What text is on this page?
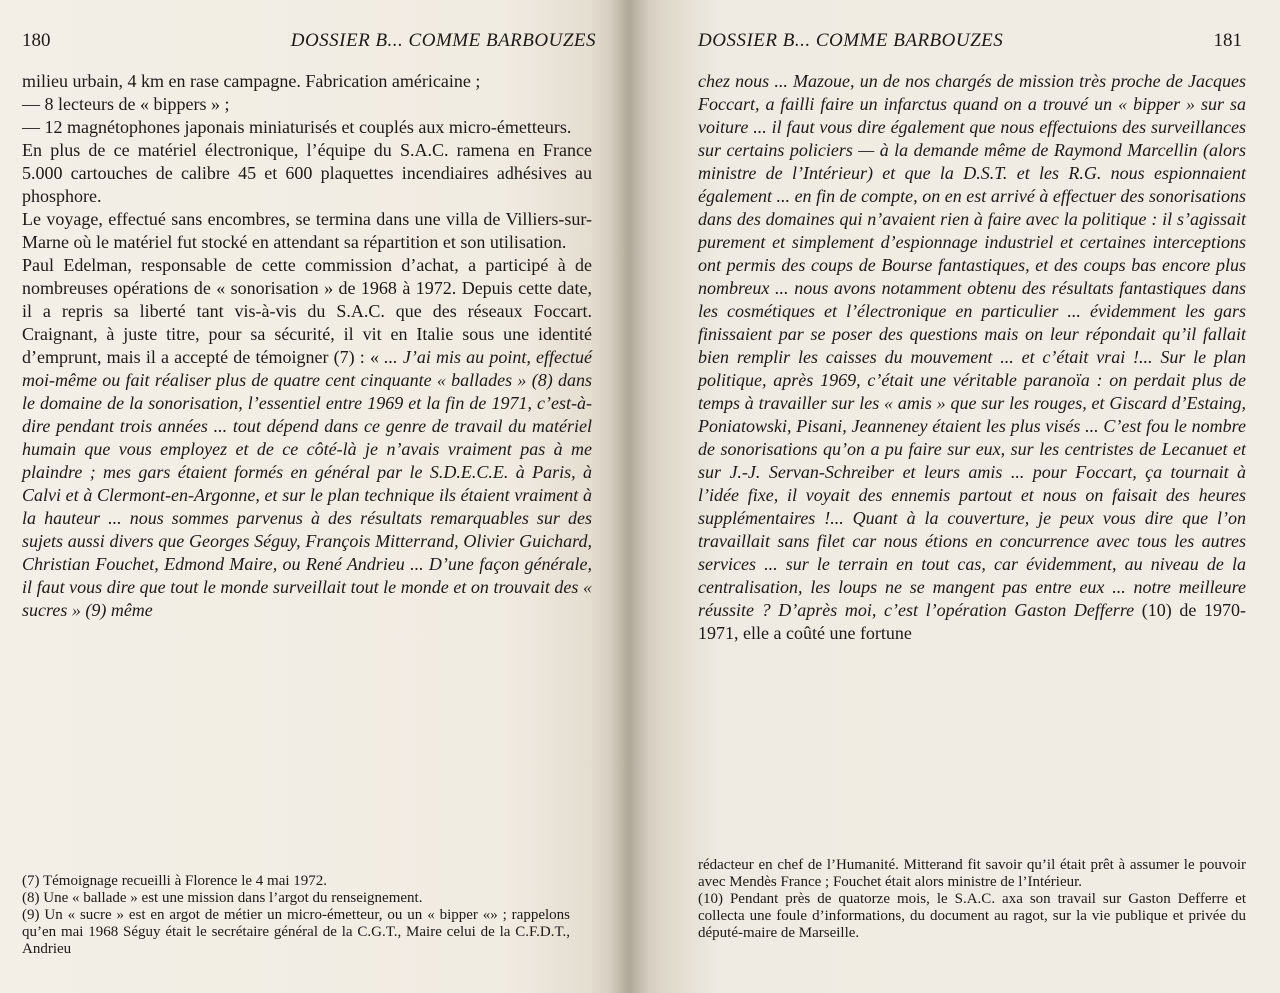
180	DOSSIER B... COMME BARBOUZES

milieu urbain, 4 km en rase campagne. Fabrication américaine ;

— 8 lecteurs de « bippers » ;

— 12 magnétophones japonais miniaturisés et couplés aux micro-émetteurs.

En plus de ce matériel électronique, l’équipe du S.A.C. ramena en France 5.000 cartouches de calibre 45 et 600 plaquettes incendiaires adhésives au phosphore.

Le voyage, effectué sans encombres, se termina dans une villa de Villiers-sur-Marne où le matériel fut stocké en attendant sa répartition et son utilisation.

Paul Edelman, responsable de cette commission d’achat, a participé à de nombreuses opérations de « sonorisation » de 1968 à 1972. Depuis cette date, il a repris sa liberté tant vis-à-vis du S.A.C. que des réseaux Foccart. Craignant, à juste titre, pour sa sécurité, il vit en Italie sous une identité d’emprunt, mais il a accepté de témoigner (7) : « ... J’ai mis au point, effectué moi-même ou fait réaliser plus de quatre cent cinquante « ballades » (8) dans le domaine de la sonorisation, l’essentiel entre 1969 et la fin de 1971, c’est-à-dire pendant trois années ... tout dépend dans ce genre de travail du matériel humain que vous employez et de ce côté-là je n’avais vraiment pas à me plaindre ; mes gars étaient formés en général par le S.D.E.C.E. à Paris, à Calvi et à Clermont-en-Argonne, et sur le plan technique ils étaient vraiment à la hauteur ... nous sommes parvenus à des résultats remarquables sur des sujets aussi divers que Georges Séguy, François Mitterrand, Olivier Guichard, Christian Fouchet, Edmond Maire, ou René Andrieu ... D’une façon générale, il faut vous dire que tout le monde surveillait tout le monde et on trouvait des « sucres » (9) même

(7) Témoignage recueilli à Florence le 4 mai 1972.

(8) Une « ballade » est une mission dans l’argot du renseignement.

(9) Un « sucre » est en argot de métier un micro-émetteur, ou un « bipper «» ; rappelons qu’en mai 1968 Séguy était le secrétaire général de la C.G.T., Maire celui de la C.F.D.T., Andrieu

DOSSIER B... COMME BARBOUZES	181

chez nous ... Mazoue, un de nos chargés de mission très proche de Jacques Foccart, a failli faire un infarctus quand on a trouvé un « bipper » sur sa voiture ... il faut vous dire également que nous effectuions des surveillances sur certains policiers — à la demande même de Raymond Marcellin (alors ministre de l’Intérieur) et que la D.S.T. et les R.G. nous espionnaient également ... en fin de compte, on en est arrivé à effectuer des sonorisations dans des domaines qui n’avaient rien à faire avec la politique : il s’agissait purement et simplement d’espionnage industriel et certaines interceptions ont permis des coups de Bourse fantastiques, et des coups bas encore plus nombreux ... nous avons notamment obtenu des résultats fantastiques dans les cosmétiques et l’électronique en particulier ... évidemment les gars finissaient par se poser des questions mais on leur répondait qu’il fallait bien remplir les caisses du mouvement ... et c’était vrai !... Sur le plan politique, après 1969, c’était une véritable paranoïa : on perdait plus de temps à travailler sur les « amis » que sur les rouges, et Giscard d’Estaing, Poniatowski, Pisani, Jeanneney étaient les plus visés ... C’est fou le nombre de sonorisations qu’on a pu faire sur eux, sur les centristes de Lecanuet et sur J.-J. Servan-Schreiber et leurs amis ... pour Foccart, ça tournait à l’idée fixe, il voyait des ennemis partout et nous on faisait des heures supplémentaires !... Quant à la couverture, je peux vous dire que l’on travaillait sans filet car nous étions en concurrence avec tous les autres services ... sur le terrain en tout cas, car évidemment, au niveau de la centralisation, les loups ne se mangent pas entre eux ... notre meilleure réussite ? D’après moi, c’est l’opération Gaston Defferre (10) de 1970-1971, elle a coûté une fortune

rédacteur en chef de l’Humanité. Mitterand fit savoir qu’il était prêt à assumer le pouvoir avec Mendès France ; Fouchet était alors ministre de l’Intérieur.

(10) Pendant près de quatorze mois, le S.A.C. axa son travail sur Gaston Defferre et collecta une foule d’informations, du document au ragot, sur la vie publique et privée du député-maire de Marseille.
